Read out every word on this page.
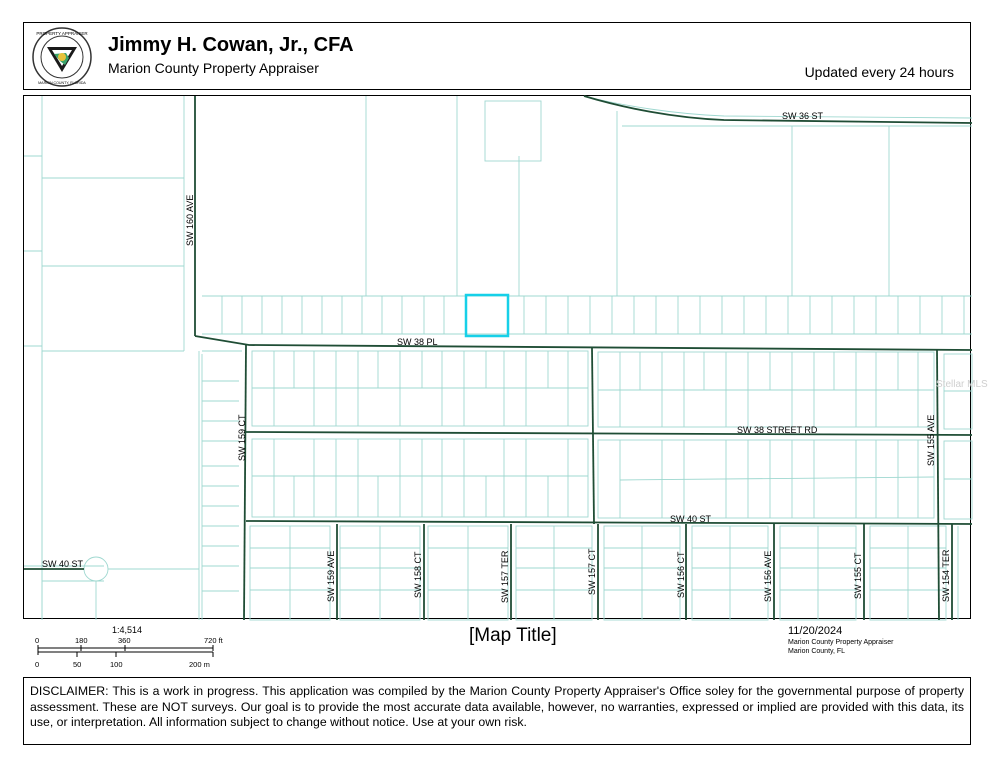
PROPERTY APPRAISER
MARION COUNTY, FLORIDA
Jimmy H. Cowan, Jr., CFA
Marion County Property Appraiser	Updated every 24 hours
SW 36 ST
SW 160 AVE
SW 38 PL
SW 159 CT	SW 38 STREET RD	SW 155 AVE
SW 40 ST
SW 40 ST	SW 159 AVE	SW 158 CT	SW 157 TER	SW 157 CT	SW 156 CT	SW 156 AVE	SW 155 CT	SW 154 TER
Stellar MLS
1:4,514
0	180	360	720 ft
0	50	100	200 m
[Map Title]	11/20/2024
Marion County Property Appraiser
Marion County, FL
DISCLAIMER: This is a work in progress. This application was compiled by the Marion County Property Appraiser's Office soley for the governmental purpose of property assessment. These are NOT surveys. Our goal is to provide the most accurate data available, however, no warranties, expressed or implied are provided with this data, its use, or interpretation. All information subject to change without notice. Use at your own risk.
